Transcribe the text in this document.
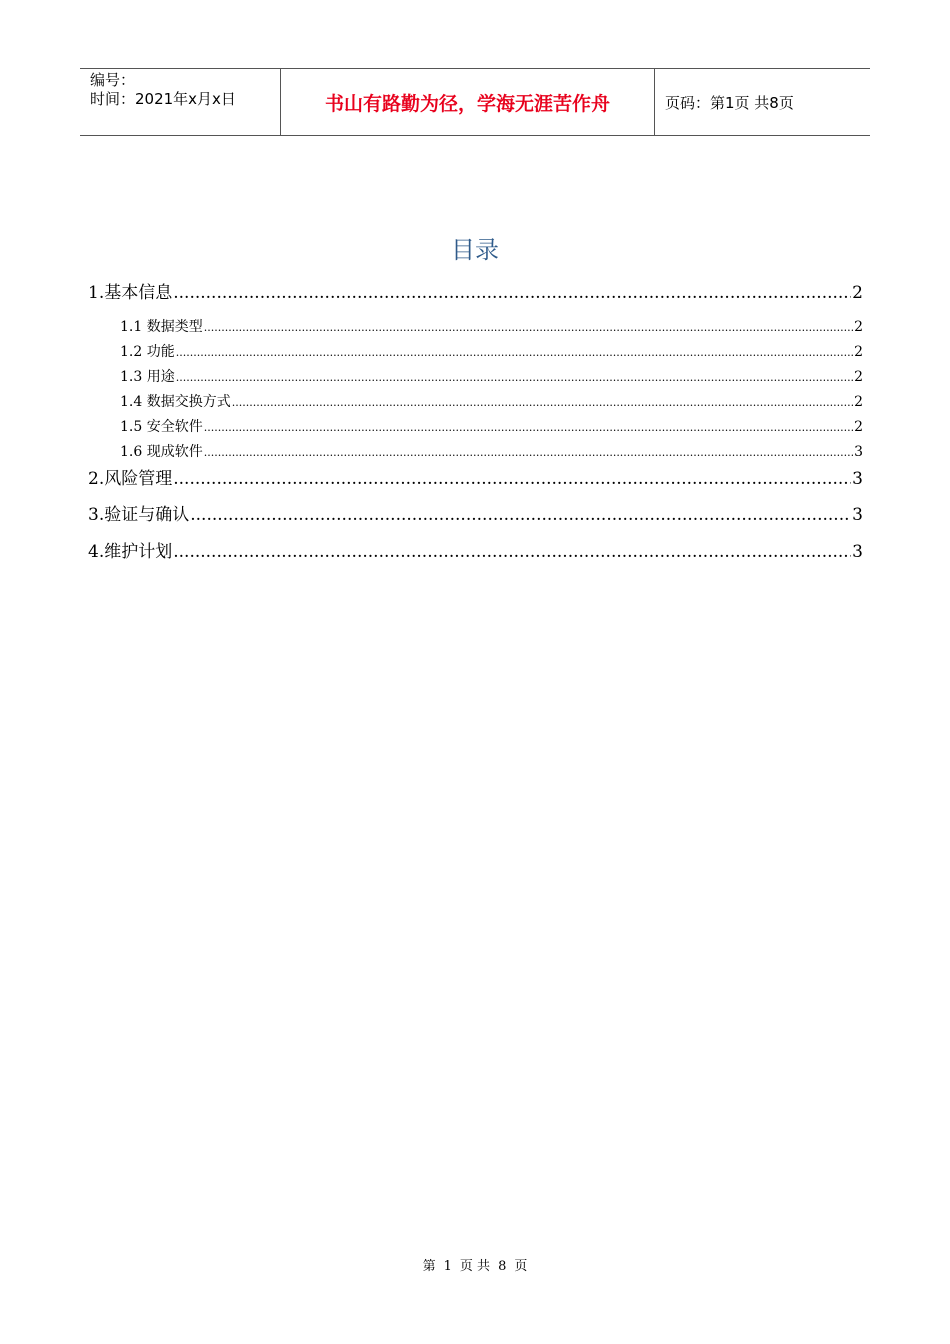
编号：
时间：2021年x月x日	书山有路勤为径，学海无涯苦作舟	页码：第1页 共8页
目录
1.基本信息 .....	2
1.1 数据类型 .....	2
1.2 功能 .....	2
1.3 用途 .....	2
1.4 数据交换方式 .....	2
1.5 安全软件 .....	2
1.6 现成软件 .....	3
2.风险管理 .....	3
3.验证与确认 .....	3
4.维护计划 .....	3
第 1 页 共 8 页
